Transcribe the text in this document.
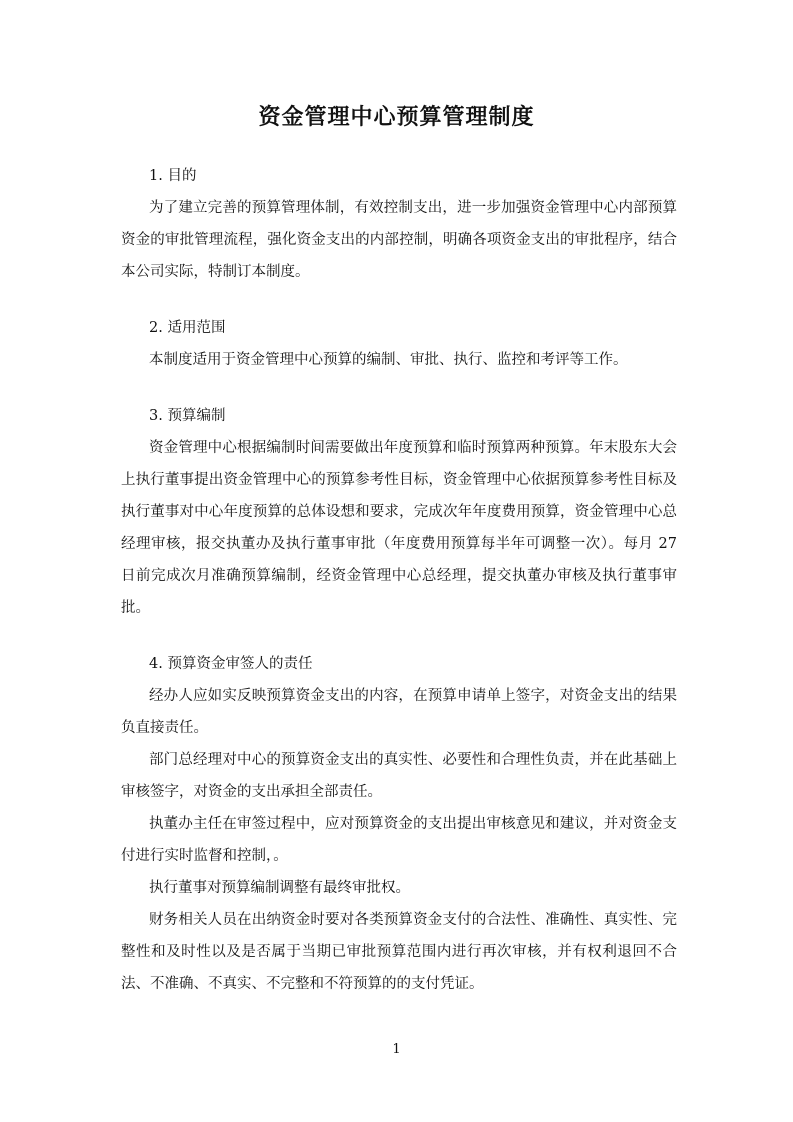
资金管理中心预算管理制度

1. 目的

为了建立完善的预算管理体制，有效控制支出，进一步加强资金管理中心内部预算资金的审批管理流程，强化资金支出的内部控制，明确各项资金支出的审批程序，结合本公司实际，特制订本制度。

2. 适用范围

本制度适用于资金管理中心预算的编制、审批、执行、监控和考评等工作。

3. 预算编制

资金管理中心根据编制时间需要做出年度预算和临时预算两种预算。年末股东大会上执行董事提出资金管理中心的预算参考性目标，资金管理中心依据预算参考性目标及执行董事对中心年度预算的总体设想和要求，完成次年年度费用预算，资金管理中心总经理审核，报交执董办及执行董事审批（年度费用预算每半年可调整一次）。每月 27 日前完成次月准确预算编制，经资金管理中心总经理，提交执董办审核及执行董事审批。

4. 预算资金审签人的责任

经办人应如实反映预算资金支出的内容，在预算申请单上签字，对资金支出的结果负直接责任。

部门总经理对中心的预算资金支出的真实性、必要性和合理性负责，并在此基础上审核签字，对资金的支出承担全部责任。

执董办主任在审签过程中，应对预算资金的支出提出审核意见和建议，并对资金支付进行实时监督和控制，。

执行董事对预算编制调整有最终审批权。

财务相关人员在出纳资金时要对各类预算资金支付的合法性、准确性、真实性、完整性和及时性以及是否属于当期已审批预算范围内进行再次审核，并有权利退回不合法、不准确、不真实、不完整和不符预算的的支付凭证。

1
